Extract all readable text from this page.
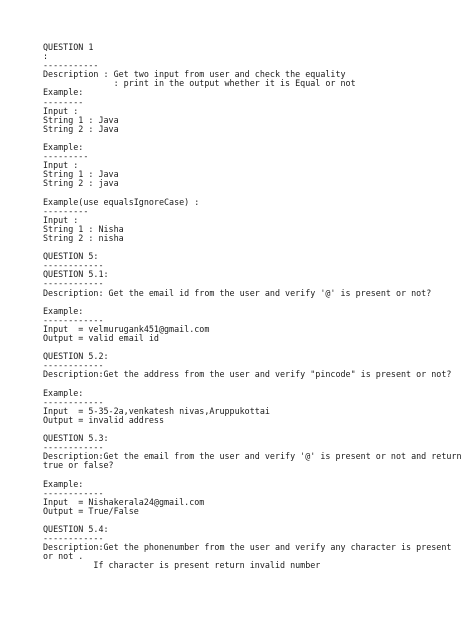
QUESTION 1
:
-----------
Description : Get two input from user and check the equality
: print in the output whether it is Equal or not
Example:
--------
Input :
String 1 : Java
String 2 : Java
Example:
---------
Input :
String 1 : Java
String 2 : java
Example(use equalsIgnoreCase) :
---------
Input :
String 1 : Nisha
String 2 : nisha
QUESTION 5:
------------
QUESTION 5.1:
------------
Description: Get the email id from the user and verify '@' is present or not?
Example:
------------
Input  = velmurugank451@gmail.com
Output = valid email id
QUESTION 5.2:
------------
Description:Get the address from the user and verify "pincode" is present or not?
Example:
------------
Input  = 5-35-2a,venkatesh nivas,Aruppukottai
Output = invalid address
QUESTION 5.3:
------------
Description:Get the email from the user and verify '@' is present or not and return
true or false?
Example:
------------
Input  = Nishakerala24@gmail.com
Output = True/False
QUESTION 5.4:
------------
Description:Get the phonenumber from the user and verify any character is present
or not .
If character is present return invalid number
